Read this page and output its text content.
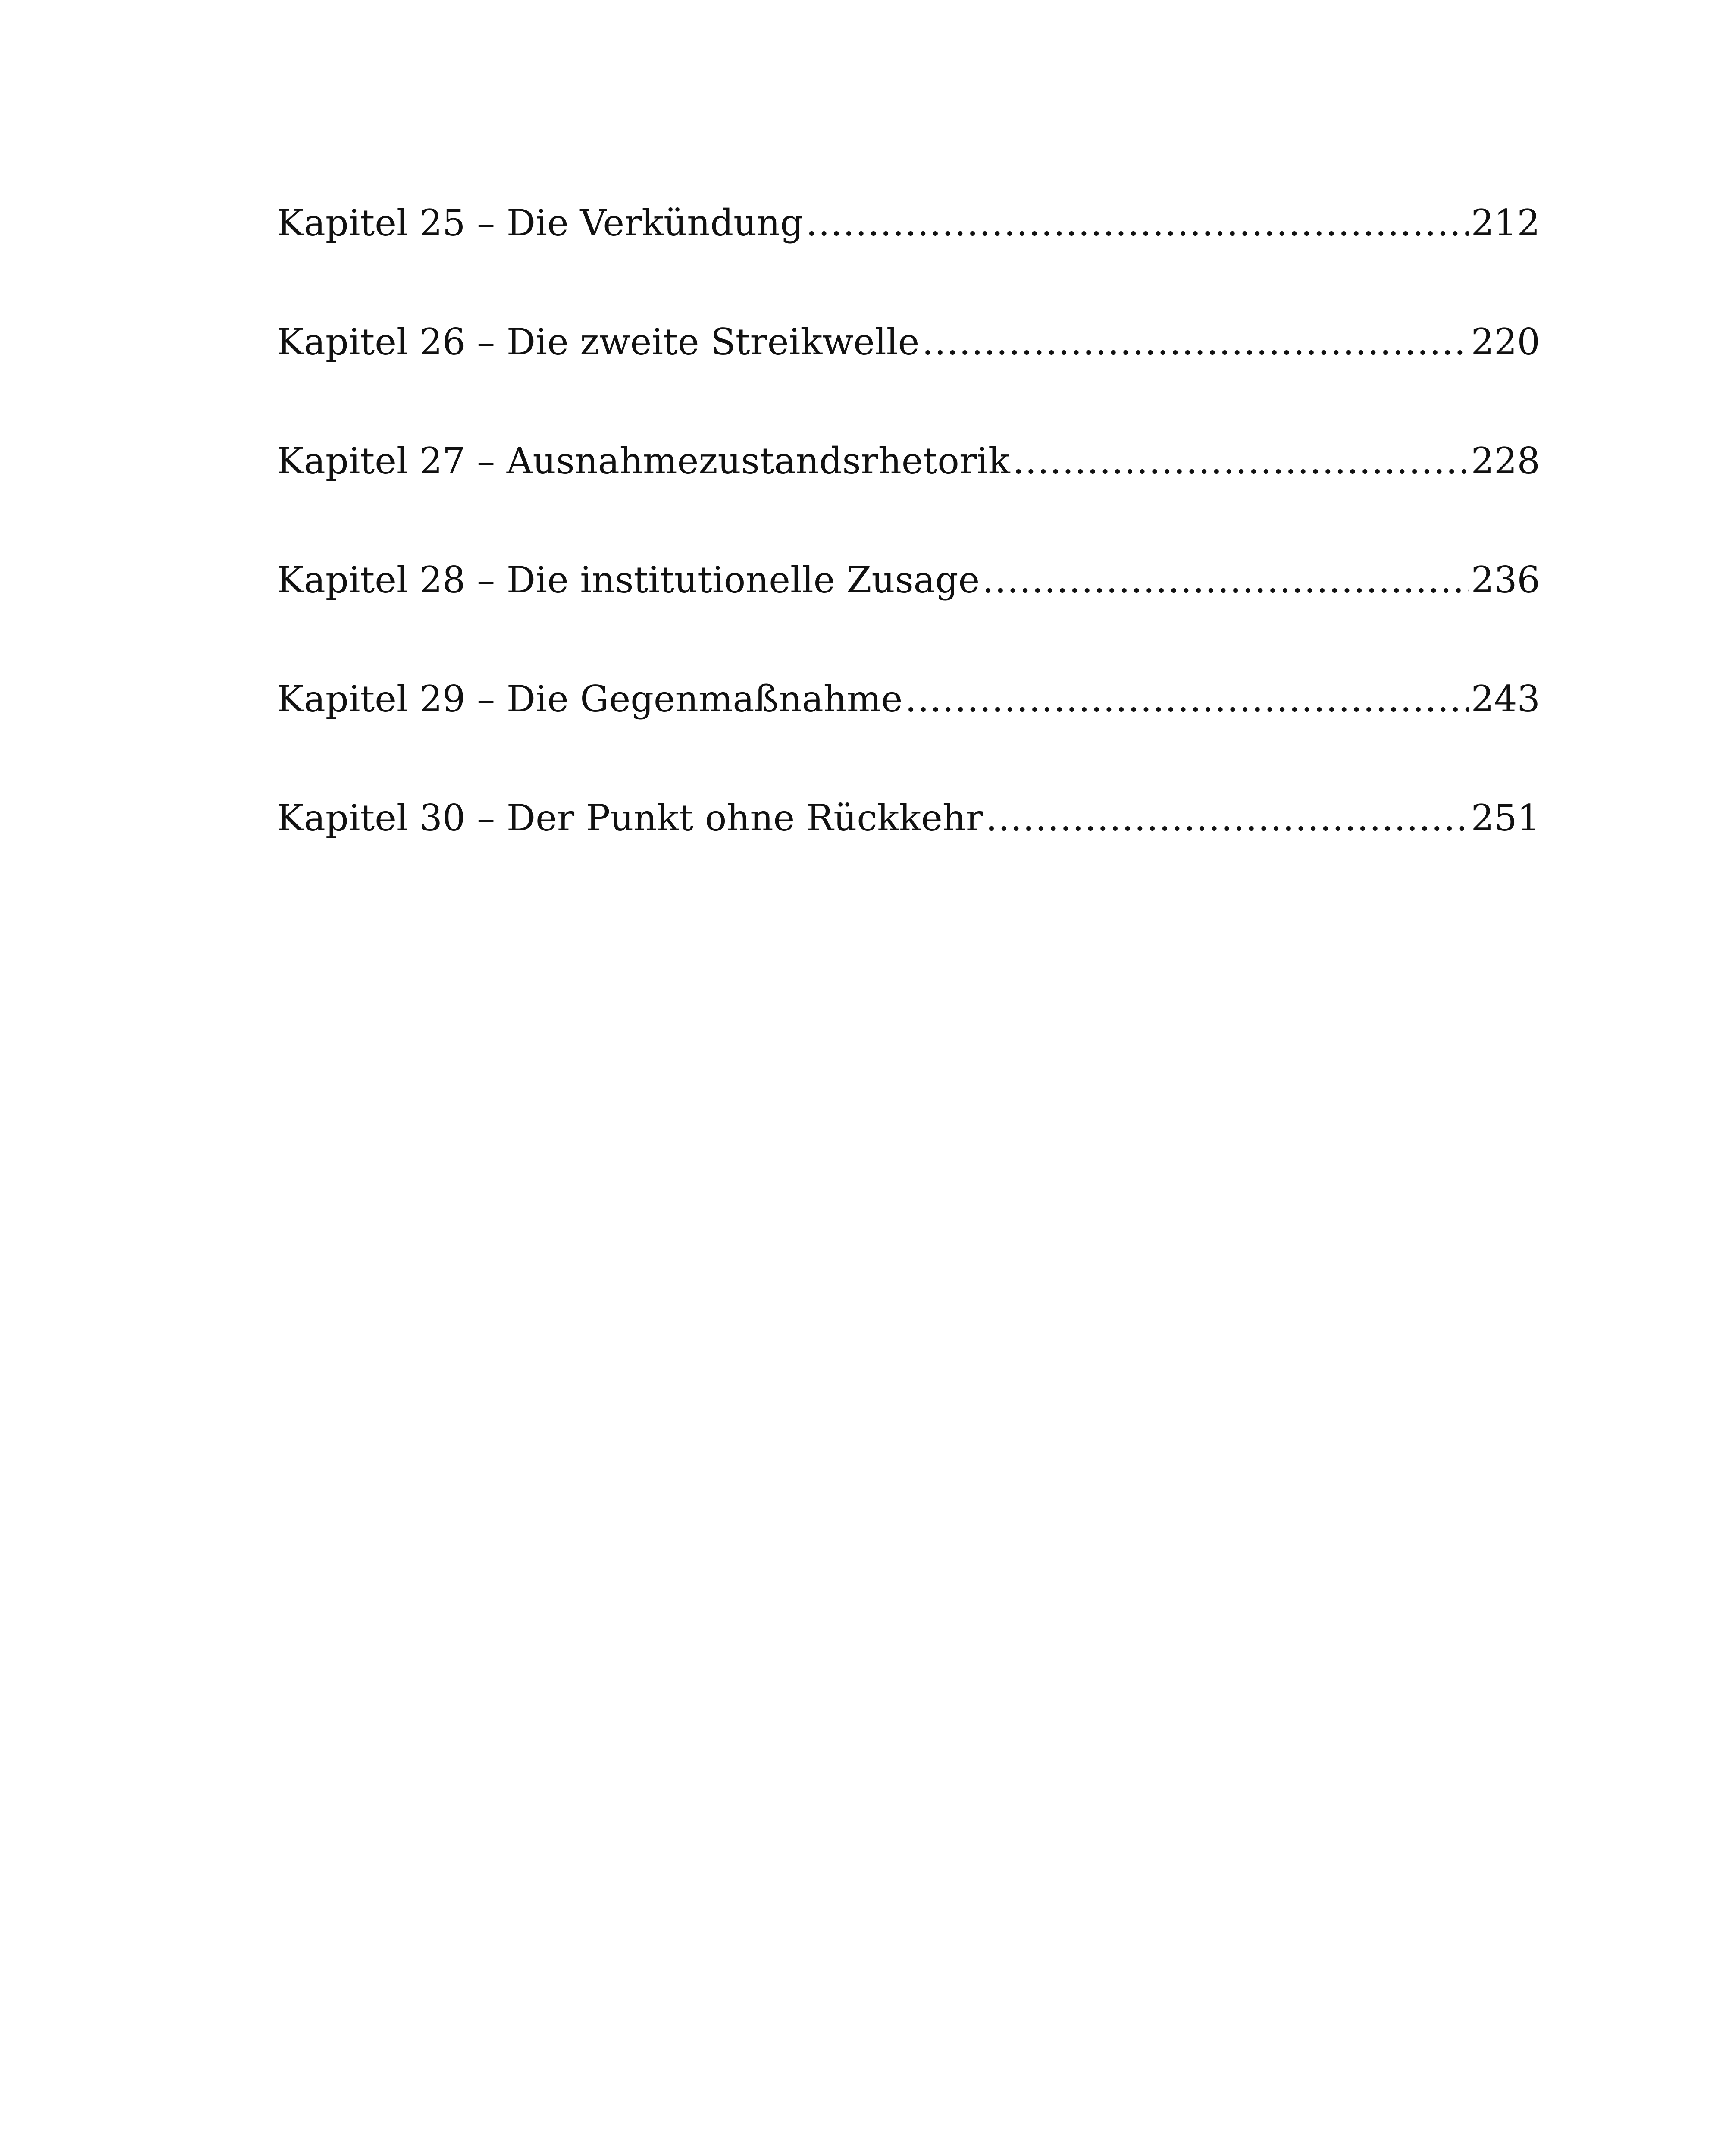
Kapitel 25 – Die Verkündung .....	212
Kapitel 26 – Die zweite Streikwelle .....	220
Kapitel 27 – Ausnahmezustandsrhetorik .....	228
Kapitel 28 – Die institutionelle Zusage .....	236
Kapitel 29 – Die Gegenmaßnahme .....	243
Kapitel 30 – Der Punkt ohne Rückkehr .....	251
